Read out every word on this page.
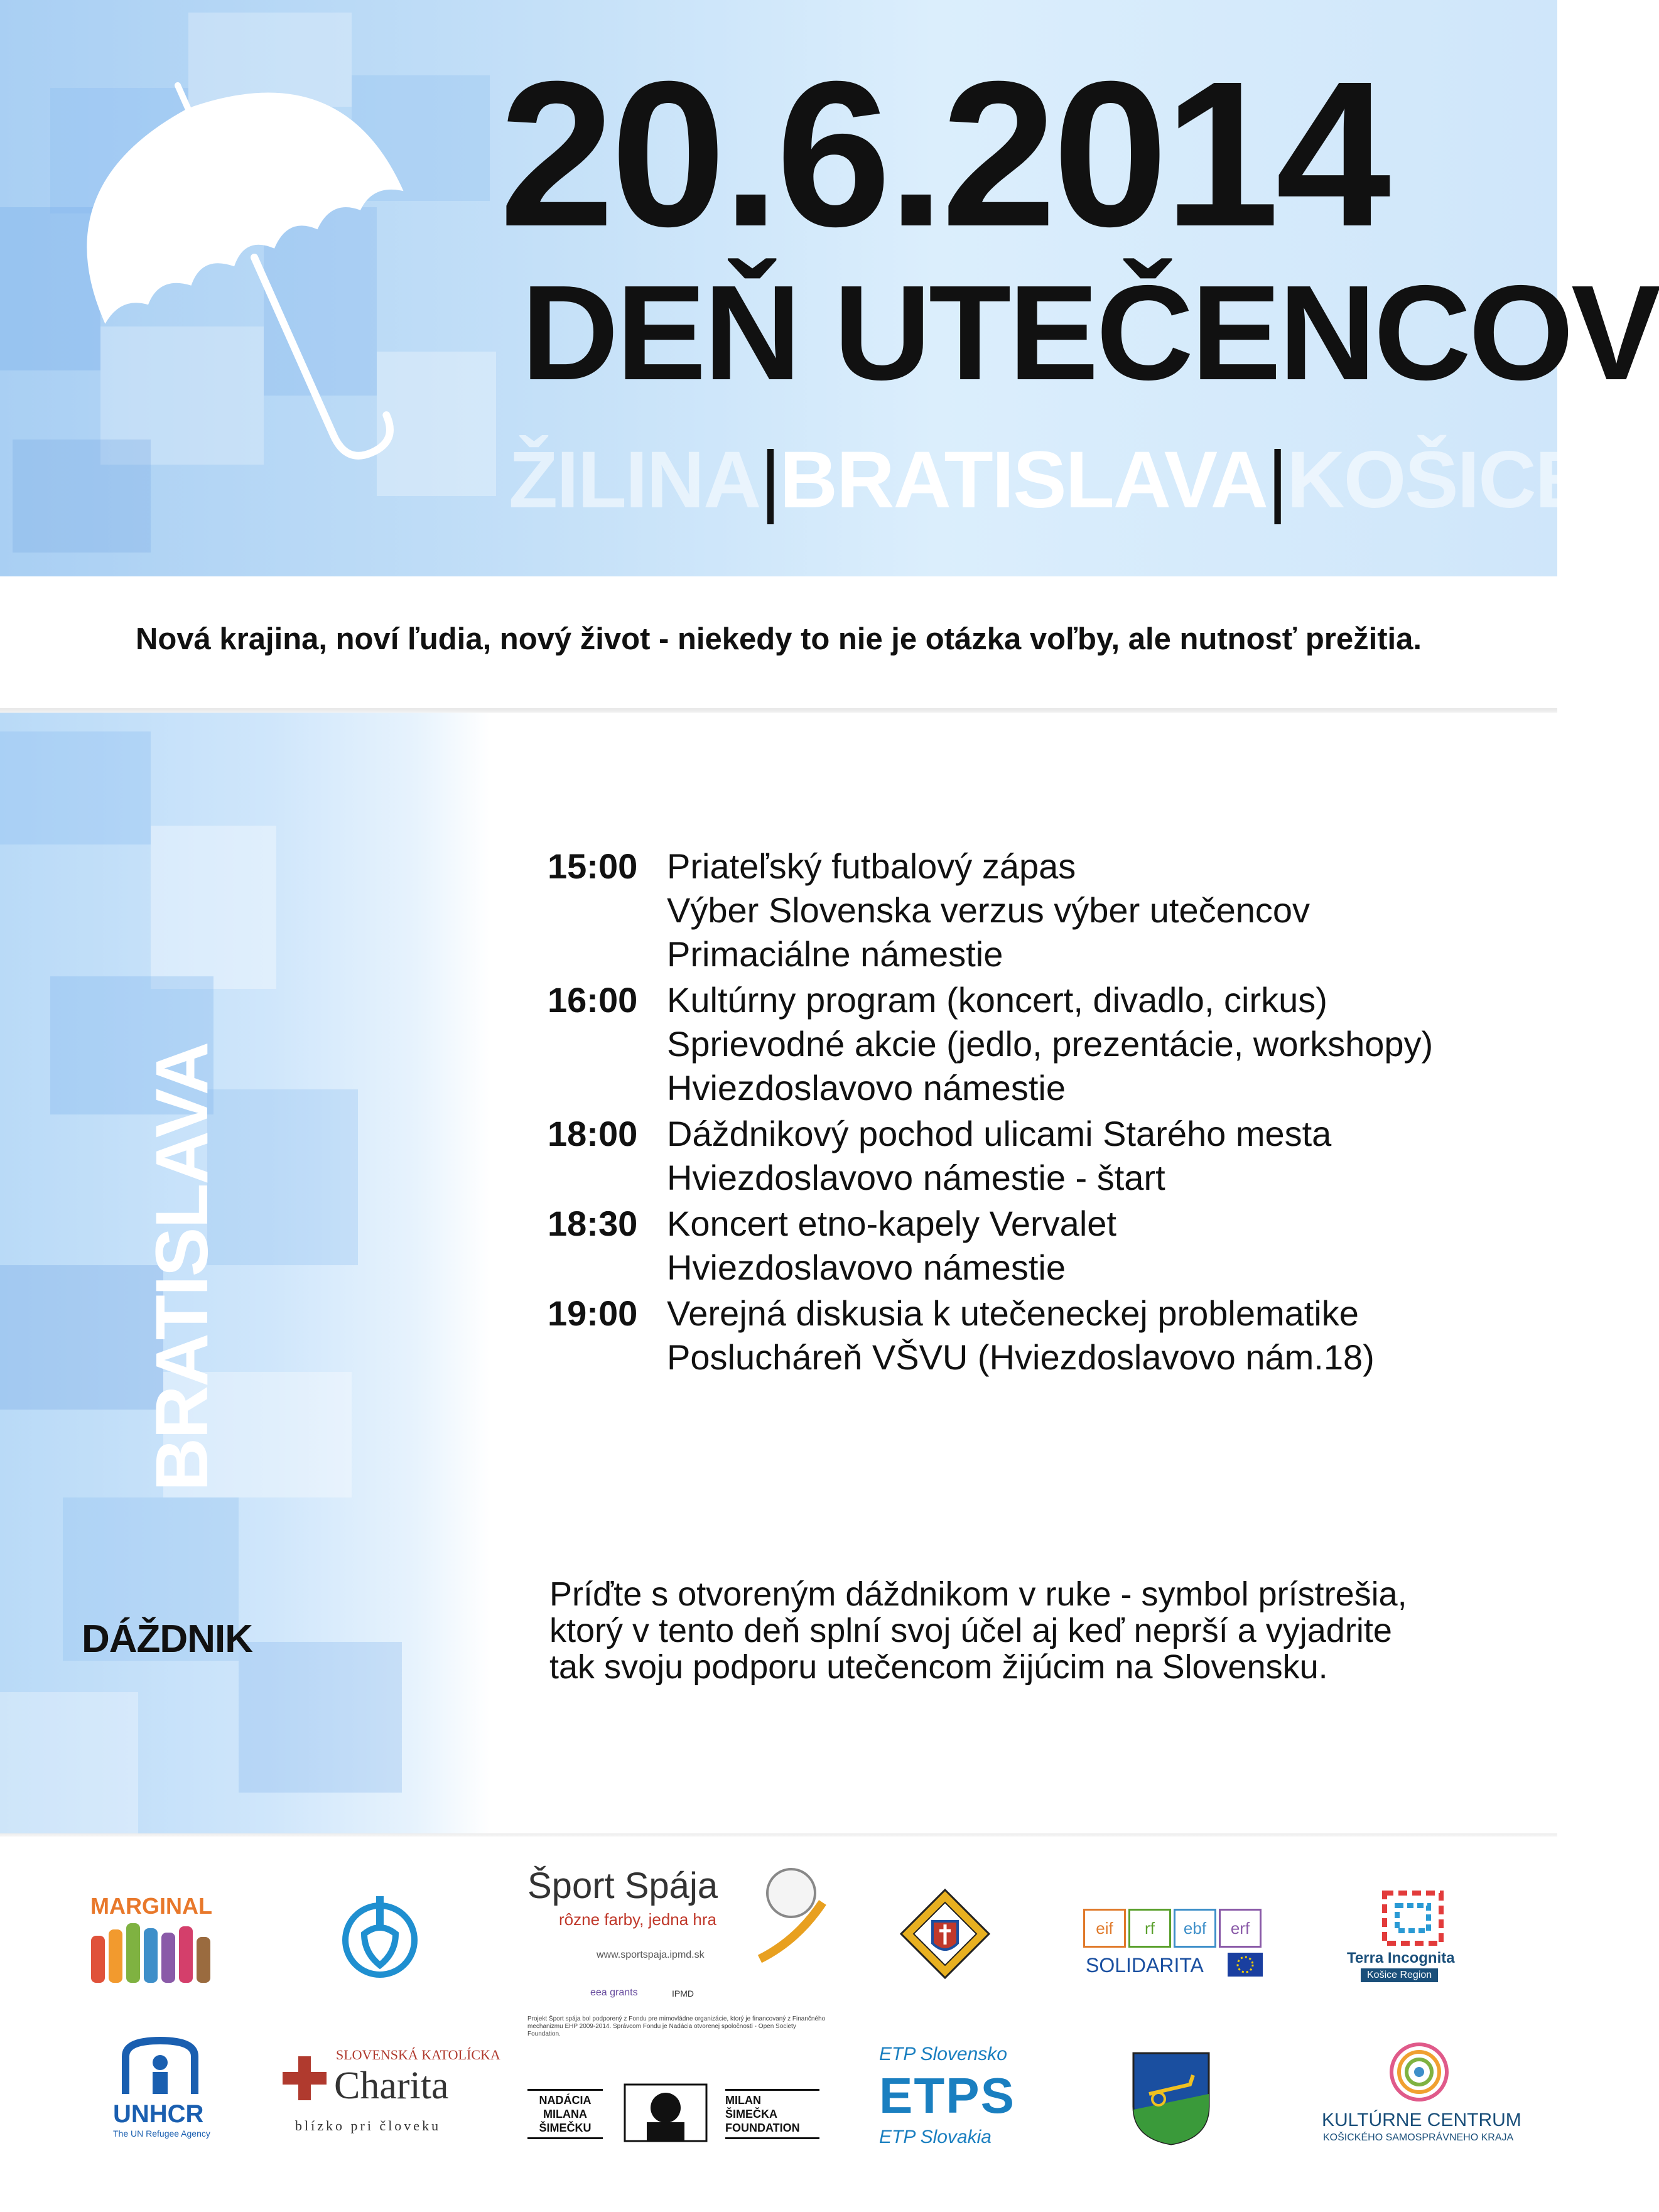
20.6.2014
DEŇ UTEČENCOV
ŽILINA|BRATISLAVA|KOŠICE
Nová krajina, noví ľudia, nový život - niekedy to nie je otázka voľby, ale nutnosť prežitia.
BRATISLAVA
DÁŽDNIK
15:00 Priateľský futbalový zápas
Výber Slovenska verzus výber utečencov
Primaciálne námestie
16:00 Kultúrny program (koncert, divadlo, cirkus)
Sprievodné akcie (jedlo, prezentácie, workshopy)
Hviezdoslavovo námestie
18:00 Dáždnikový pochod ulicami Starého mesta
Hviezdoslavovo námestie - štart
18:30 Koncert etno-kapely Vervalet
Hviezdoslavovo námestie
19:00 Verejná diskusia k utečeneckej problematike
Poslucháreň VŠVU (Hviezdoslavovo nám.18)
Príďte s otvoreným dáždnikom v ruke - symbol prístrešia,
ktorý v tento deň splní svoj účel aj keď neprší a vyjadrite
tak svoju podporu utečencom žijúcim na Slovensku.
MARGINAL	Šport Spája
rôzne farby, jedna hra
www.sportspaja.ipmd.sk
eea grants	IPMD
Projekt Šport spája bol podporený z Fondu pre mimovládne organizácie, ktorý je financovaný z Finančného mechanizmu EHP 2009-2014. Správcom Fondu je Nadácia otvorenej spoločnosti - Open Society Foundation.
eif	rf	ebf	erf
SOLIDARITA	Terra Incognita
Košice Region
UNHCR
The UN Refugee Agency
SLOVENSKÁ KATOLÍCKA
Charita
blízko pri človeku
NADÁCIA
MILANA
ŠIMEČKU
MILAN
ŠIMEČKA
FOUNDATION
ETP Slovensko
ETPS
ETP Slovakia
KULTÚRNE CENTRUM
KOŠICKÉHO SAMOSPRÁVNEHO KRAJA
